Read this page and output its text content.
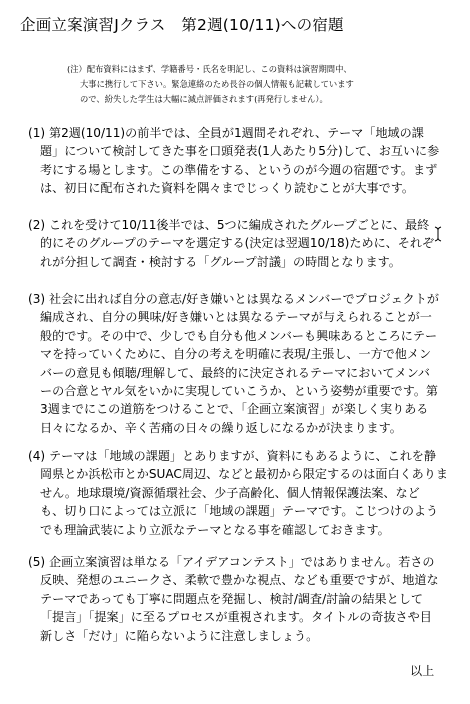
企画立案演習Jクラス　第2週(10/11)への宿題
(注）配布資料にはまず、学籍番号・氏名を明記し、この資料は演習期間中、
大事に携行して下さい。緊急連絡のため長谷の個人情報も記載しています
ので、紛失した学生は大幅に減点評価されます(再発行しません）。
(1) 第2週(10/11)の前半では、全員が1週間それぞれ、テーマ「地域の課
題」について検討してきた事を口頭発表(1人あたり5分)して、お互いに参
考にする場とします。この準備をする、というのが今週の宿題です。まず
は、初日に配布された資料を隅々までじっくり読むことが大事です。
(2) これを受けて10/11後半では、5つに編成されたグループごとに、最終
的にそのグループのテーマを選定する(決定は翌週10/18)ために、それぞ
れが分担して調査・検討する「グループ討議」の時間となります。
(3) 社会に出れば自分の意志/好き嫌いとは異なるメンバーでプロジェクトが
編成され、自分の興味/好き嫌いとは異なるテーマが与えられることが一
般的です。その中で、少しでも自分も他メンバーも興味あるところにテー
マを持っていくために、自分の考えを明確に表現/主張し、一方で他メン
バーの意見も傾聴/理解して、最終的に決定されるテーマにおいてメンバ
ーの合意とヤル気をいかに実現していこうか、という姿勢が重要です。第
3週までにこの道筋をつけることで、「企画立案演習」が楽しく実りある
日々になるか、辛く苦痛の日々の繰り返しになるかが決まります。
(4) テーマは「地域の課題」とありますが、資料にもあるように、これを静
岡県とか浜松市とかSUAC周辺、などと最初から限定するのは面白くありま
せん。地球環境/資源循環社会、少子高齢化、個人情報保護法案、など
も、切り口によっては立派に「地域の課題」テーマです。こじつけのよう
でも理論武装により立派なテーマとなる事を確認しておきます。
(5) 企画立案演習は単なる「アイデアコンテスト」ではありません。若さの
反映、発想のユニークさ、柔軟で豊かな視点、なども重要ですが、地道な
テーマであっても丁寧に問題点を発掘し、検討/調査/討論の結果として
「提言」「提案」に至るプロセスが重視されます。タイトルの奇抜さや目
新しさ「だけ」に陥らないように注意しましょう。
以上
